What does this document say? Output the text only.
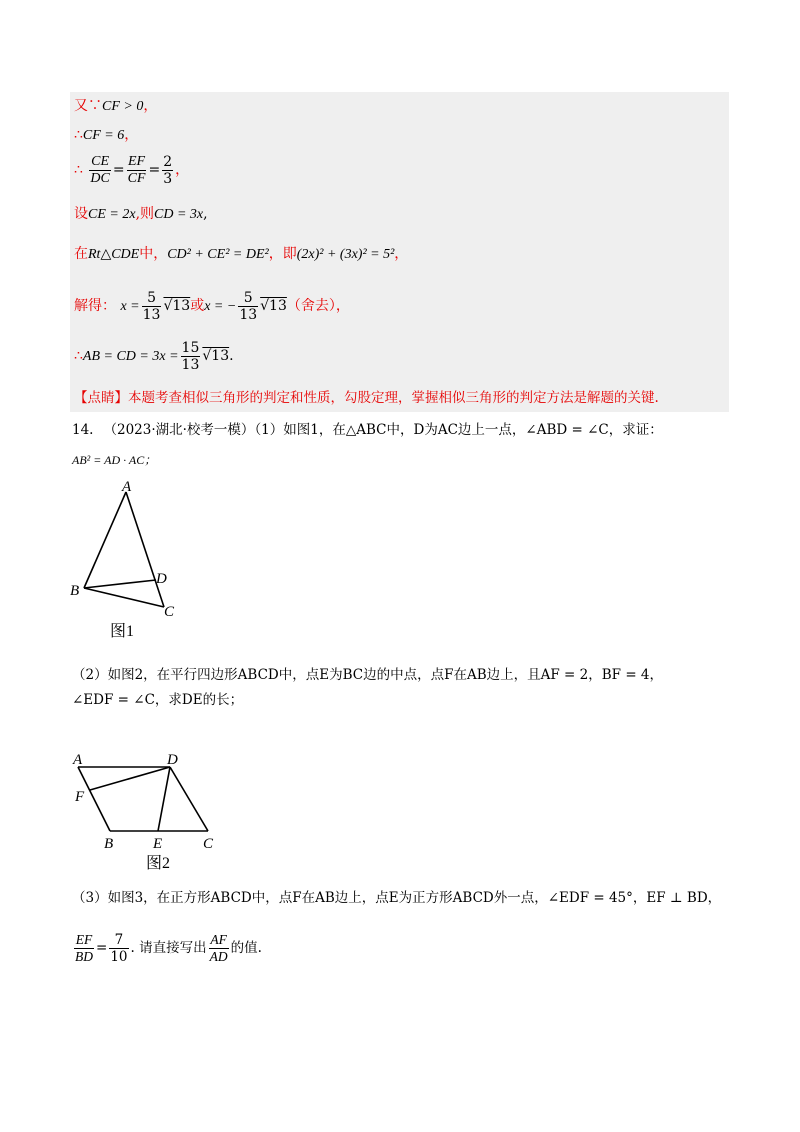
又∵CF > 0，
∴CF = 6，
∴ $\frac{CE}{DC} = \frac{EF}{CF} = \frac{2}{3}$ ，
设CE = 2x,则CD = 3x,
在Rt△CDE中，CD² + CE² = DE²，即(2x)² + (3x)² = 5²，
解得： $x = \frac{5}{13} √13$或x = − $\frac{5}{13} √13$（舍去），
∴AB = CD = $3x = \frac{15}{13} √13$.
【点睛】本题考查相似三角形的判定和性质，勾股定理，掌握相似三角形的判定方法是解题的关键.
14. （2023·湖北·校考一模）（1）如图1，在△ABC中，D为AC边上一点，∠ABD = ∠C，求证：
AB² = AD · AC；
A
B
C
D
图1
（2）如图2，在平行四边形ABCD中，点E为BC边的中点，点F在AB边上，且AF = 2，BF = 4，
∠EDF = ∠C，求DE的长；
A	D
F
B	E	C
图2
（3）如图3，在正方形ABCD中，点F在AB边上，点E为正方形ABCD外一点，∠EDF = 45°，EF ⊥ BD，
$\frac{EF}{BD} = \frac{7}{10}$ . 请直接写出 $\frac{AF}{AD}$ 的值.
